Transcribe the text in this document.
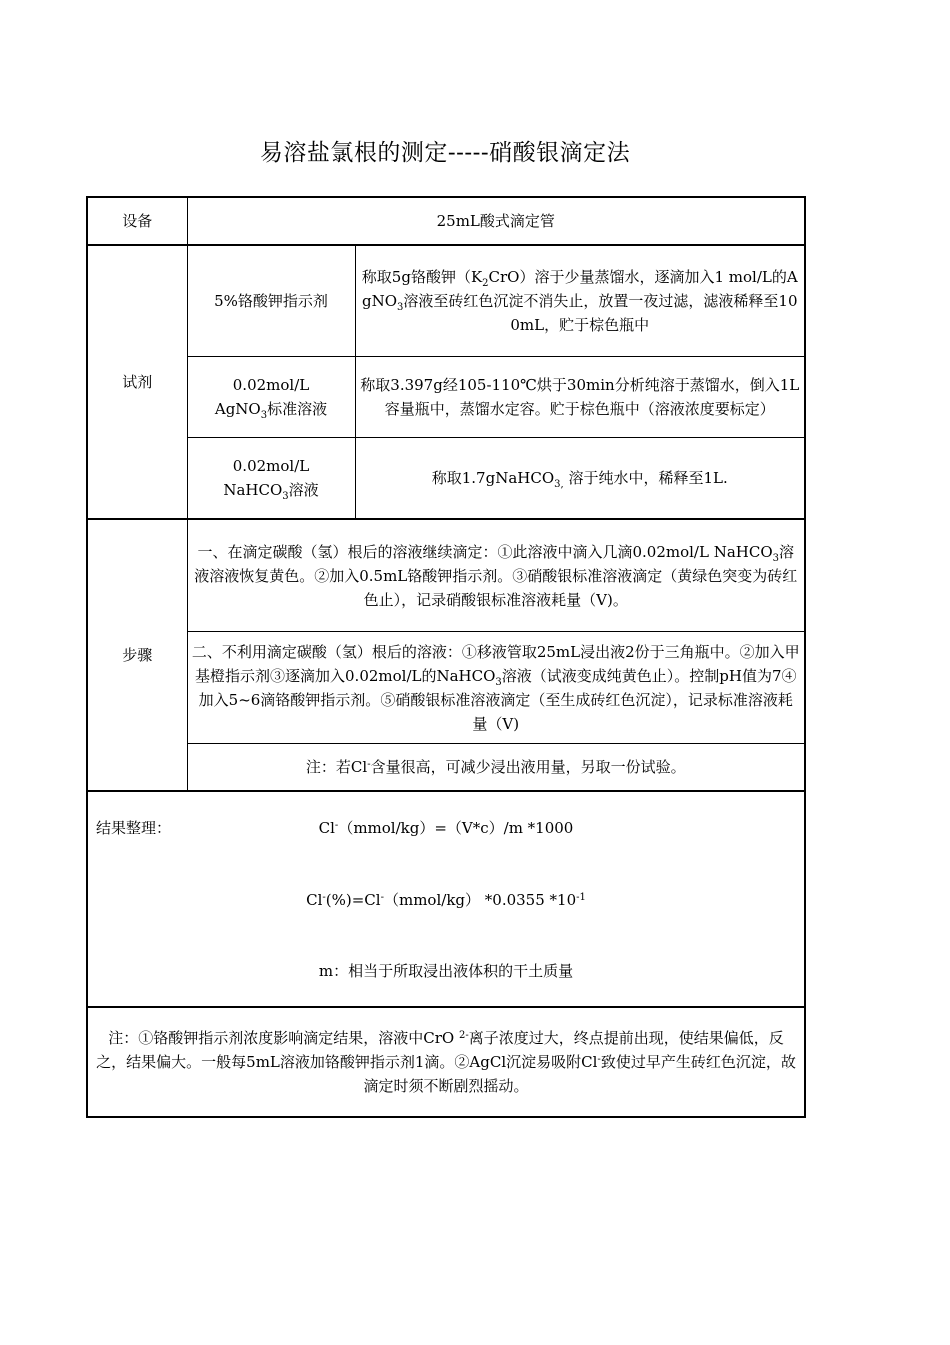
易溶盐氯根的测定-----硝酸银滴定法
设备	25mL酸式滴定管	
试剂	5%铬酸钾指示剂	称取5g铬酸钾$(K_2CrO)$溶于少量蒸馏水，逐滴加入1 mol/L的AgNO$_3$溶液至砖红色沉淀不消失止，放置一夜过滤，滤液稀释至100mL，贮于棕色瓶中
	0.02mol/L
AgNO$_3$标准溶液	称取3.397g经105-110℃烘于30min分析纯溶于蒸馏水，倒入1L容量瓶中，蒸馏水定容。贮于棕色瓶中（溶液浓度要标定）
	0.02mol/L
NaHCO$_3$溶液	称取1.7gNaHCO$_{3,}$ 溶于纯水中，稀释至1L.
步骤	一、在滴定碳酸（氢）根后的溶液继续滴定：①此溶液中滴入几滴0.02mol/L NaHCO$_3$溶液溶液恢复黄色。②加入0.5mL铬酸钾指示剂。③硝酸银标准溶液滴定（黄绿色突变为砖红色止），记录硝酸银标准溶液耗量（V)。	
	二、不利用滴定碳酸（氢）根后的溶液：①移液管取25mL浸出液2份于三角瓶中。②加入甲基橙指示剂③逐滴加入0.02mol/L的NaHCO$_3$溶液（试液变成纯黄色止）。控制pH值为7④加入5~6滴铬酸钾指示剂。⑤硝酸银标准溶液滴定（至生成砖红色沉淀），记录标准溶液耗量（V)	
	注：若Cl-含量很高，可减少浸出液用量，另取一份试验。	

结果整理： Cl-（mmol/kg）=（V*c）/m *1000
Cl-(%)=Cl-（mmol/kg） *0.0355 $*10^{-1}$
m：相当于所取浸出液体积的干土质量		

注：①铬酸钾指示剂浓度影响滴定结果，溶液中CrO $^{2-}$离子浓度过大，终点提前出现，使结果偏低，反之，结果偏大。一般每5mL溶液加铬酸钾指示剂1滴。②AgCl沉淀易吸附Cl-致使过早产生砖红色沉淀，故滴定时须不断剧烈摇动。		
